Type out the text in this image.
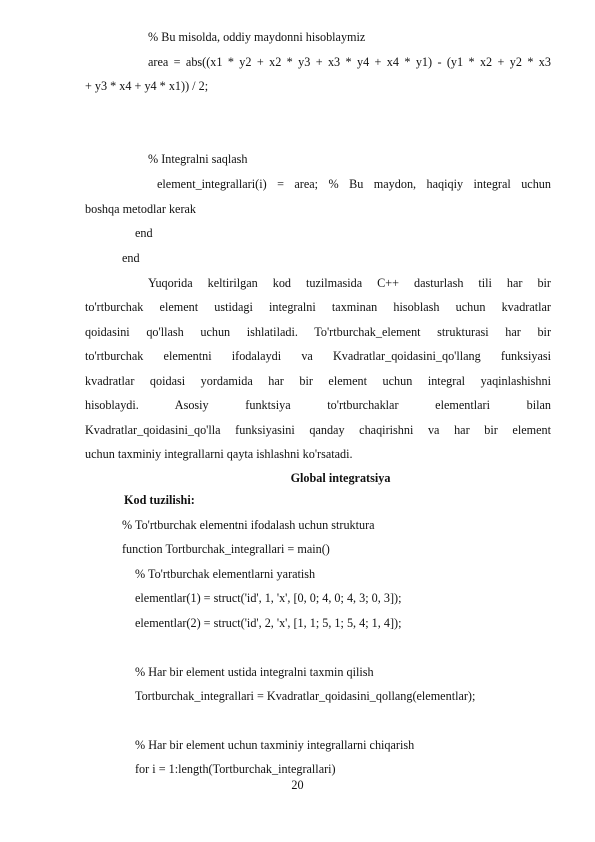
% Bu misolda, oddiy maydonni hisoblaymiz
area = abs((x1 * y2 + x2 * y3 + x3 * y4 + x4 * y1) - (y1 * x2 + y2 * x3
+ y3 * x4 + y4 * x1)) / 2;
% Integralni saqlash
element_integrallari(i) = area; % Bu maydon, haqiqiy integral uchun
boshqa metodlar kerak
end
end
Yuqorida keltirilgan kod tuzilmasida C++ dasturlash tili har bir
to'rtburchak element ustidagi integralni taxminan hisoblash uchun kvadratlar
qoidasini qo'llash uchun ishlatiladi. To'rtburchak_element strukturasi har bir
to'rtburchak elementni ifodalaydi va Kvadratlar_qoidasini_qo'llang funksiyasi
kvadratlar qoidasi yordamida har bir element uchun integral yaqinlashishni
hisoblaydi. Asosiy funktsiya to'rtburchaklar elementlari bilan
Kvadratlar_qoidasini_qo'lla funksiyasini qanday chaqirishni va har bir element
uchun taxminiy integrallarni qayta ishlashni ko'rsatadi.
Global integratsiya
Kod tuzilishi:
% To'rtburchak elementni ifodalash uchun struktura
function Tortburchak_integrallari = main()
% To'rtburchak elementlarni yaratish
elementlar(1) = struct('id', 1, 'x', [0, 0; 4, 0; 4, 3; 0, 3]);
elementlar(2) = struct('id', 2, 'x', [1, 1; 5, 1; 5, 4; 1, 4]);
% Har bir element ustida integralni taxmin qilish
Tortburchak_integrallari = Kvadratlar_qoidasini_qollang(elementlar);
% Har bir element uchun taxminiy integrallarni chiqarish
for i = 1:length(Tortburchak_integrallari)
20
